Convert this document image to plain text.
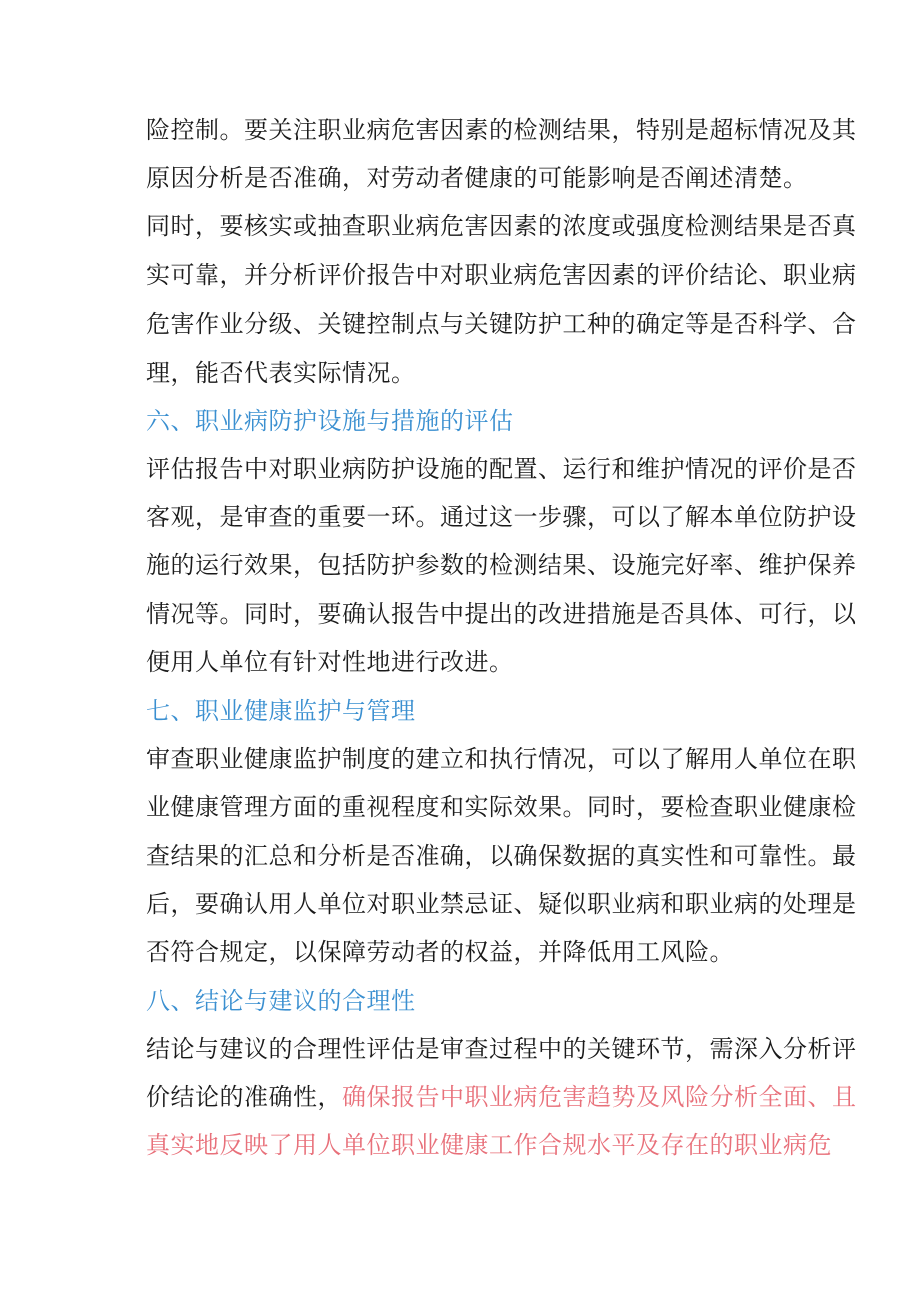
险控制。要关注职业病危害因素的检测结果，特别是超标情况及其
原因分析是否准确，对劳动者健康的可能影响是否阐述清楚。
同时，要核实或抽查职业病危害因素的浓度或强度检测结果是否真
实可靠，并分析评价报告中对职业病危害因素的评价结论、职业病
危害作业分级、关键控制点与关键防护工种的确定等是否科学、合
理，能否代表实际情况。
六、职业病防护设施与措施的评估
评估报告中对职业病防护设施的配置、运行和维护情况的评价是否
客观，是审查的重要一环。通过这一步骤，可以了解本单位防护设
施的运行效果，包括防护参数的检测结果、设施完好率、维护保养
情况等。同时，要确认报告中提出的改进措施是否具体、可行，以
便用人单位有针对性地进行改进。
七、职业健康监护与管理
审查职业健康监护制度的建立和执行情况，可以了解用人单位在职
业健康管理方面的重视程度和实际效果。同时，要检查职业健康检
查结果的汇总和分析是否准确，以确保数据的真实性和可靠性。最
后，要确认用人单位对职业禁忌证、疑似职业病和职业病的处理是
否符合规定，以保障劳动者的权益，并降低用工风险。
八、结论与建议的合理性
结论与建议的合理性评估是审查过程中的关键环节，需深入分析评
价结论的准确性，确保报告中职业病危害趋势及风险分析全面、且
真实地反映了用人单位职业健康工作合规水平及存在的职业病危
